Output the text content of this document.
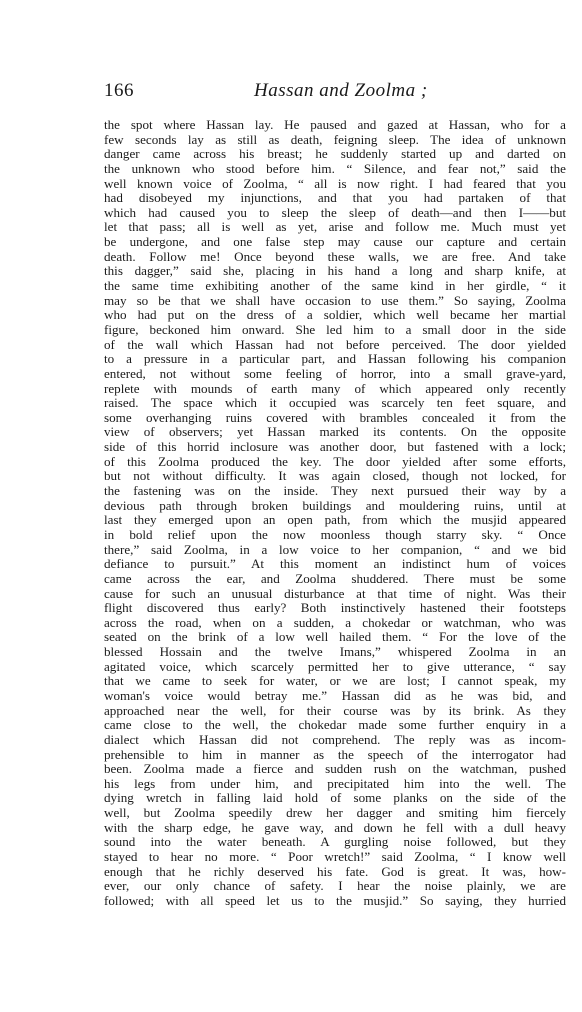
166	Hassan and Zoolma ;
the spot where Hassan lay. He paused and gazed at Hassan, who for a
few seconds lay as still as death, feigning sleep. The idea of unknown
danger came across his breast; he suddenly started up and darted on
the unknown who stood before him. “ Silence, and fear not,” said the
well known voice of Zoolma, “ all is now right. I had feared that you
had disobeyed my injunctions, and that you had partaken of that
which had caused you to sleep the sleep of death—and then I——but
let that pass; all is well as yet, arise and follow me. Much must yet
be undergone, and one false step may cause our capture and certain
death. Follow me! Once beyond these walls, we are free. And take
this dagger,” said she, placing in his hand a long and sharp knife, at
the same time exhibiting another of the same kind in her girdle, “ it
may so be that we shall have occasion to use them.” So saying, Zoolma
who had put on the dress of a soldier, which well became her martial
figure, beckoned him onward. She led him to a small door in the side
of the wall which Hassan had not before perceived. The door yielded
to a pressure in a particular part, and Hassan following his companion
entered, not without some feeling of horror, into a small grave-yard,
replete with mounds of earth many of which appeared only recently
raised. The space which it occupied was scarcely ten feet square, and
some overhanging ruins covered with brambles concealed it from the
view of observers; yet Hassan marked its contents. On the opposite
side of this horrid inclosure was another door, but fastened with a lock;
of this Zoolma produced the key. The door yielded after some efforts,
but not without difficulty. It was again closed, though not locked, for
the fastening was on the inside. They next pursued their way by a
devious path through broken buildings and mouldering ruins, until at
last they emerged upon an open path, from which the musjid appeared
in bold relief upon the now moonless though starry sky. “ Once
there,” said Zoolma, in a low voice to her companion, “ and we bid
defiance to pursuit.” At this moment an indistinct hum of voices
came across the ear, and Zoolma shuddered. There must be some
cause for such an unusual disturbance at that time of night. Was their
flight discovered thus early? Both instinctively hastened their footsteps
across the road, when on a sudden, a chokedar or watchman, who was
seated on the brink of a low well hailed them. “ For the love of the
blessed Hossain and the twelve Imans,” whispered Zoolma in an
agitated voice, which scarcely permitted her to give utterance, “ say
that we came to seek for water, or we are lost; I cannot speak, my
woman's voice would betray me.” Hassan did as he was bid, and
approached near the well, for their course was by its brink. As they
came close to the well, the chokedar made some further enquiry in a
dialect which Hassan did not comprehend. The reply was as incom-
prehensible to him in manner as the speech of the interrogator had
been. Zoolma made a fierce and sudden rush on the watchman, pushed
his legs from under him, and precipitated him into the well. The
dying wretch in falling laid hold of some planks on the side of the
well, but Zoolma speedily drew her dagger and smiting him fiercely
with the sharp edge, he gave way, and down he fell with a dull heavy
sound into the water beneath. A gurgling noise followed, but they
stayed to hear no more. “ Poor wretch!” said Zoolma, “ I know well
enough that he richly deserved his fate. God is great. It was, how-
ever, our only chance of safety. I hear the noise plainly, we are
followed; with all speed let us to the musjid.” So saying, they hurried
